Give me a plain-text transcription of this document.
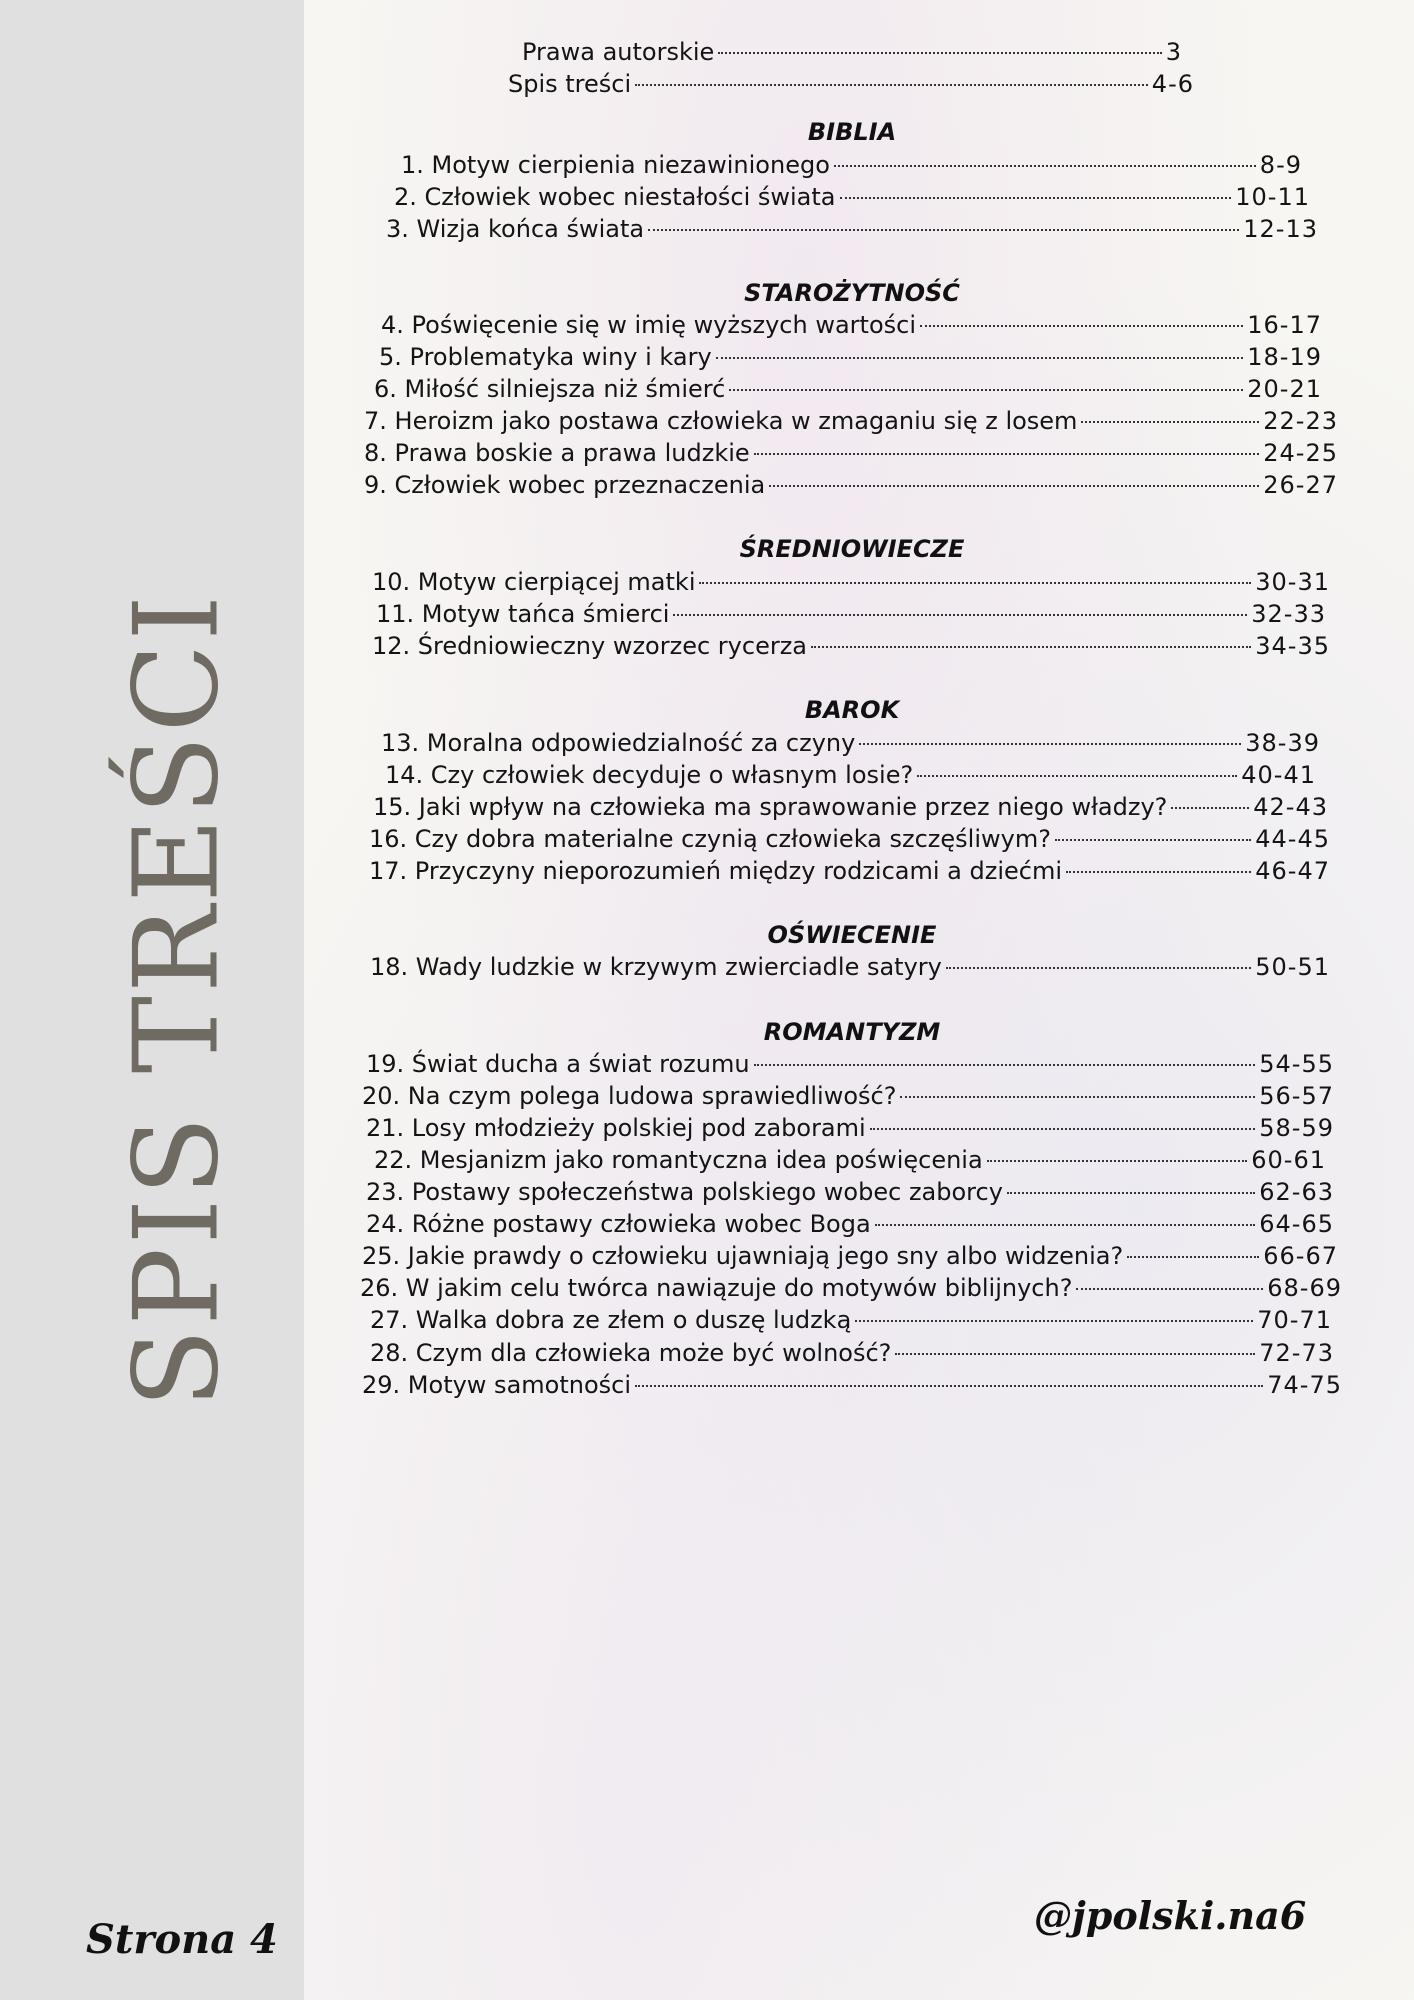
SPIS TREŚCI
Strona 4
Prawa autorskie	3
Spis treści	4-6
BIBLIA
1. Motyw cierpienia niezawinionego	8-9
2. Człowiek wobec niestałości świata	10-11
3. Wizja końca świata	12-13
STAROŻYTNOŚĆ
4. Poświęcenie się w imię wyższych wartości	16-17
5. Problematyka winy i kary	18-19
6. Miłość silniejsza niż śmierć	20-21
7. Heroizm jako postawa człowieka w zmaganiu się z losem	22-23
8. Prawa boskie a prawa ludzkie	24-25
9. Człowiek wobec przeznaczenia	26-27
ŚREDNIOWIECZE
10. Motyw cierpiącej matki	30-31
11. Motyw tańca śmierci	32-33
12. Średniowieczny wzorzec rycerza	34-35
BAROK
13. Moralna odpowiedzialność za czyny	38-39
14. Czy człowiek decyduje o własnym losie?	40-41
15. Jaki wpływ na człowieka ma sprawowanie przez niego władzy?	42-43
16. Czy dobra materialne czynią człowieka szczęśliwym?	44-45
17. Przyczyny nieporozumień między rodzicami a dziećmi	46-47
OŚWIECENIE
18. Wady ludzkie w krzywym zwierciadle satyry	50-51
ROMANTYZM
19. Świat ducha a świat rozumu	54-55
20. Na czym polega ludowa sprawiedliwość?	56-57
21. Losy młodzieży polskiej pod zaborami	58-59
22. Mesjanizm jako romantyczna idea poświęcenia	60-61
23. Postawy społeczeństwa polskiego wobec zaborcy	62-63
24. Różne postawy człowieka wobec Boga	64-65
25. Jakie prawdy o człowieku ujawniają jego sny albo widzenia?	66-67
26. W jakim celu twórca nawiązuje do motywów biblijnych?	68-69
27. Walka dobra ze złem o duszę ludzką	70-71
28. Czym dla człowieka może być wolność?	72-73
29. Motyw samotności	74-75
@jpolski.na6
